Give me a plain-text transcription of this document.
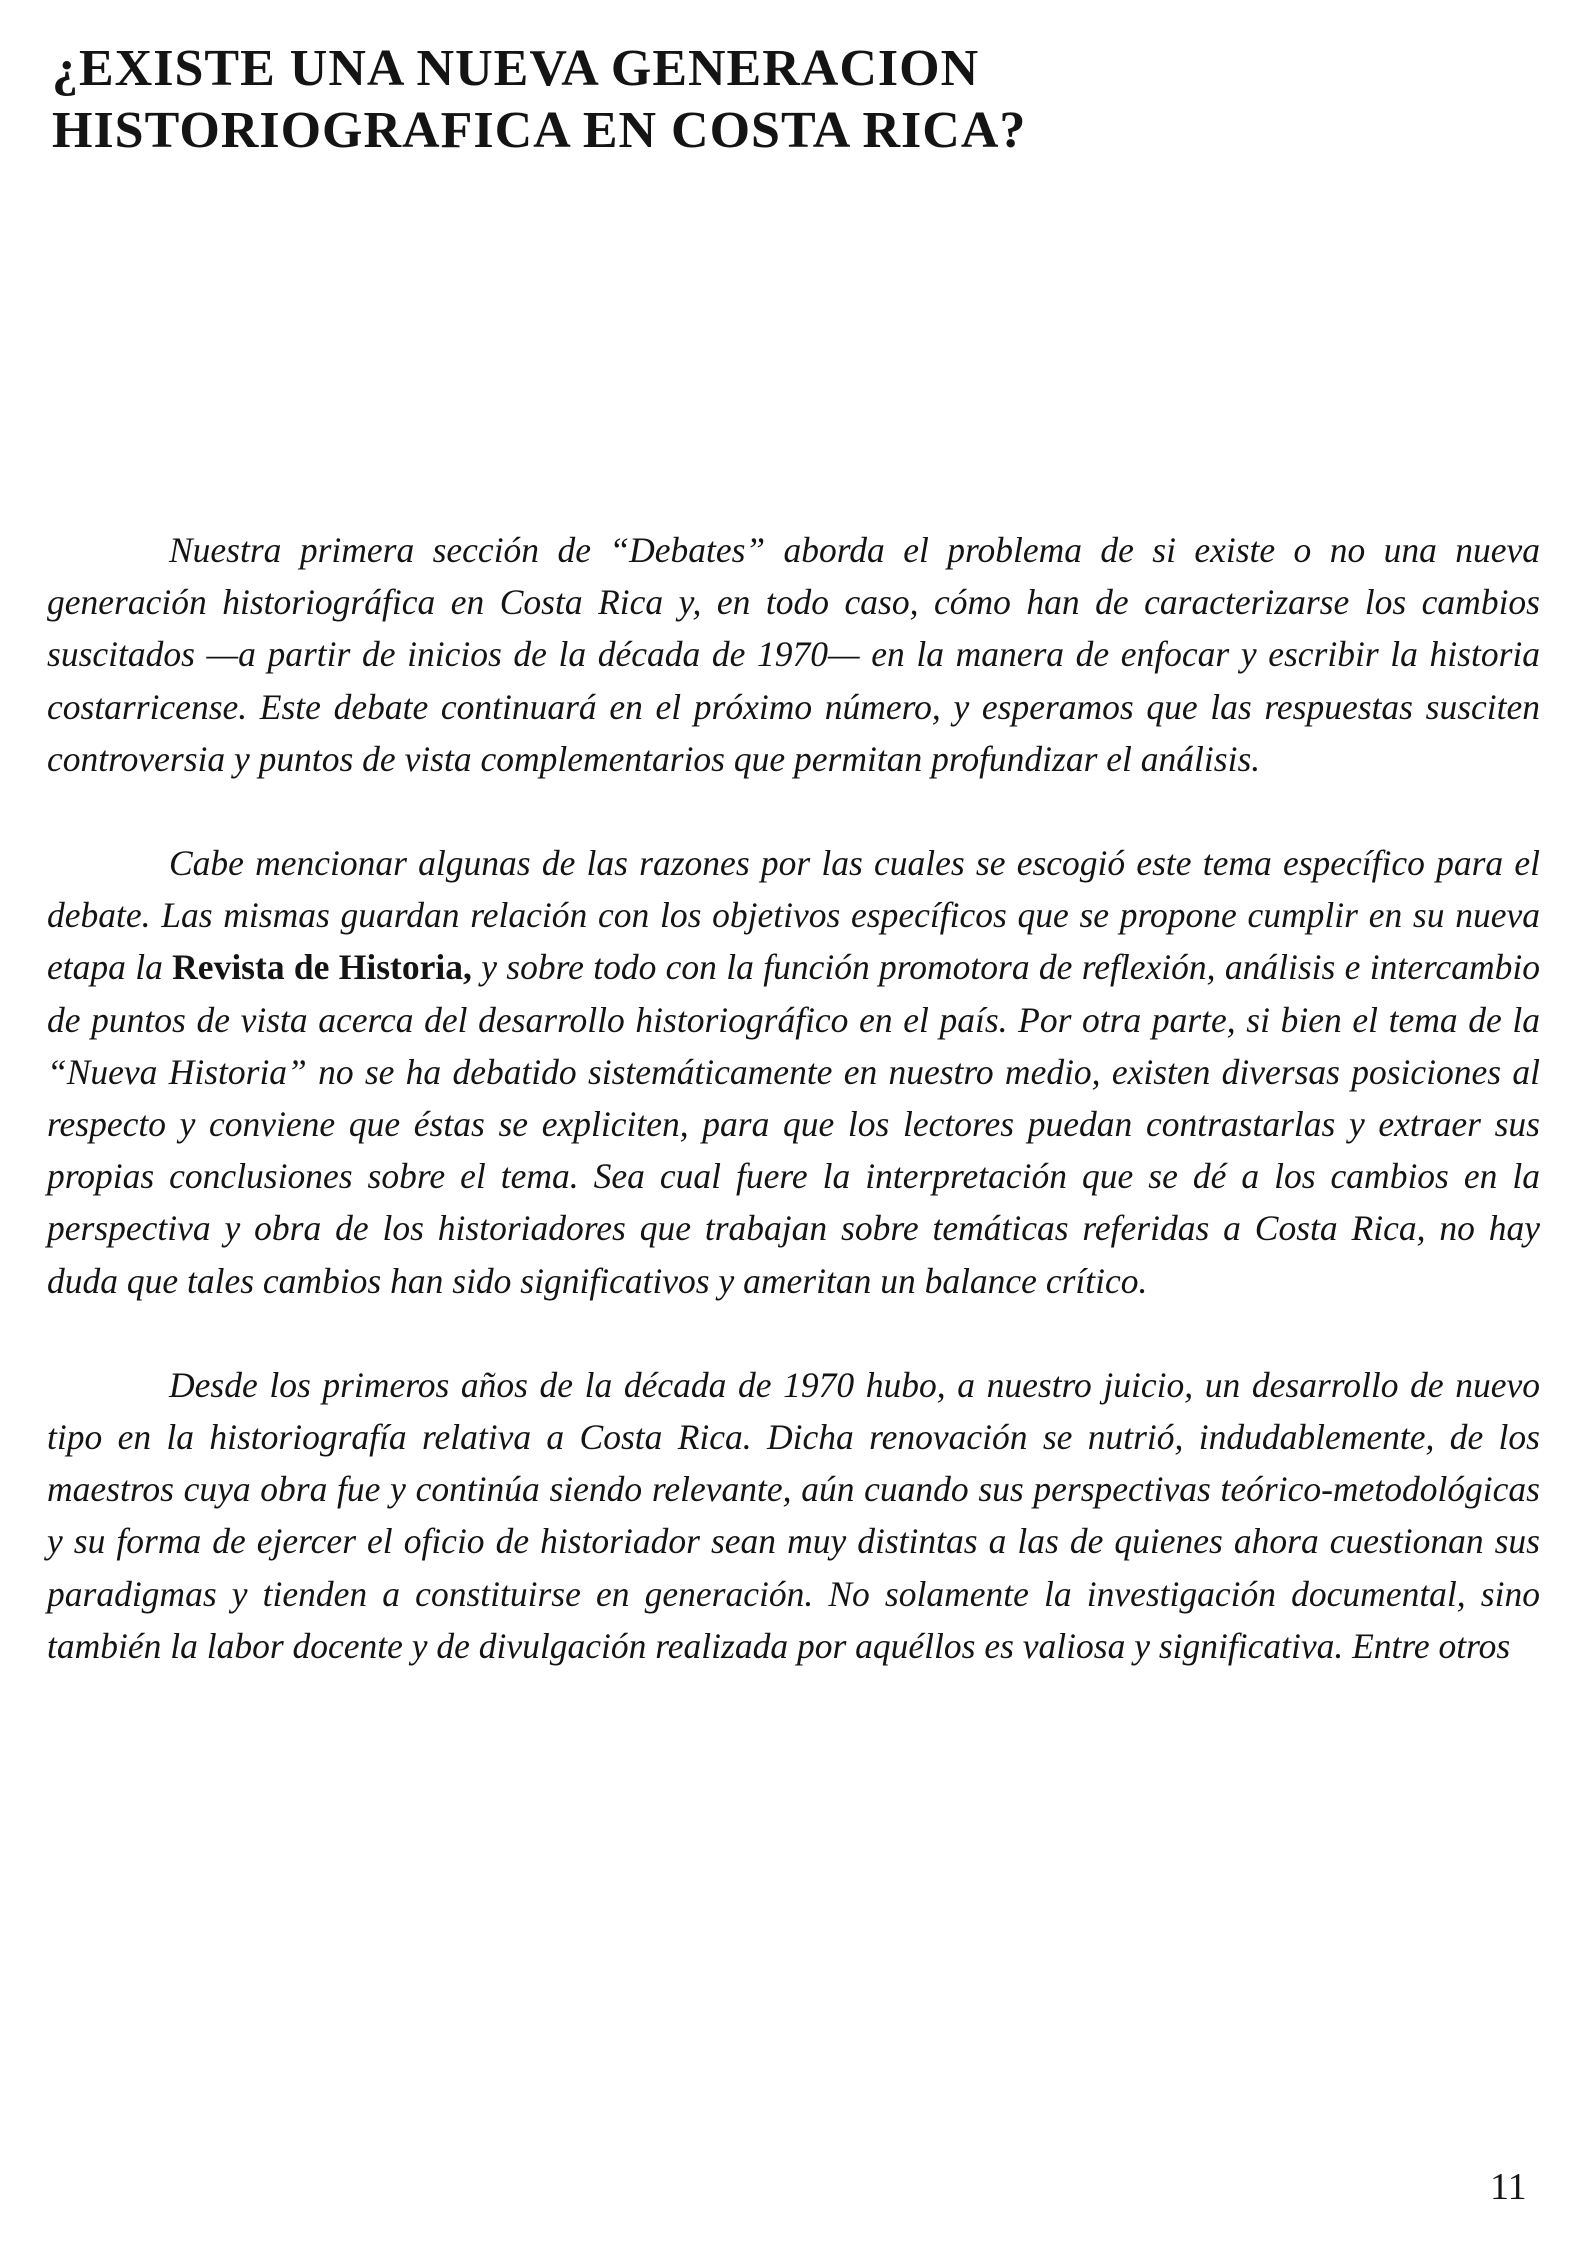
¿EXISTE UNA NUEVA GENERACION
HISTORIOGRAFICA EN COSTA RICA?

Nuestra primera sección de “Debates” aborda el problema de si existe o no una nueva generación historiográfica en Costa Rica y, en todo caso, cómo han de caracterizarse los cambios suscitados —a partir de inicios de la década de 1970— en la manera de enfocar y escribir la historia costarricense. Este debate continuará en el próximo número, y esperamos que las respuestas susciten controversia y puntos de vista complementarios que permitan profundizar el análisis.

Cabe mencionar algunas de las razones por las cuales se escogió este tema específico para el debate. Las mismas guardan relación con los objetivos específicos que se propone cumplir en su nueva etapa la Revista de Historia, y sobre todo con la función promotora de reflexión, análisis e intercambio de puntos de vista acerca del desarrollo historiográfico en el país. Por otra parte, si bien el tema de la “Nueva Historia” no se ha debatido sistemáticamente en nuestro medio, existen diversas posiciones al respecto y conviene que éstas se expliciten, para que los lectores puedan contrastarlas y extraer sus propias conclusiones sobre el tema. Sea cual fuere la interpretación que se dé a los cambios en la perspectiva y obra de los historiadores que trabajan sobre temáticas referidas a Costa Rica, no hay duda que tales cambios han sido significativos y ameritan un balance crítico.

Desde los primeros años de la década de 1970 hubo, a nuestro juicio, un desarrollo de nuevo tipo en la historiografía relativa a Costa Rica. Dicha renovación se nutrió, indudablemente, de los maestros cuya obra fue y continúa siendo relevante, aún cuando sus perspectivas teórico-metodológicas y su forma de ejercer el oficio de historiador sean muy distintas a las de quienes ahora cuestionan sus paradigmas y tienden a constituirse en generación. No solamente la investigación documental, sino también la labor docente y de divulgación realizada por aquéllos es valiosa y significativa. Entre otros

11
